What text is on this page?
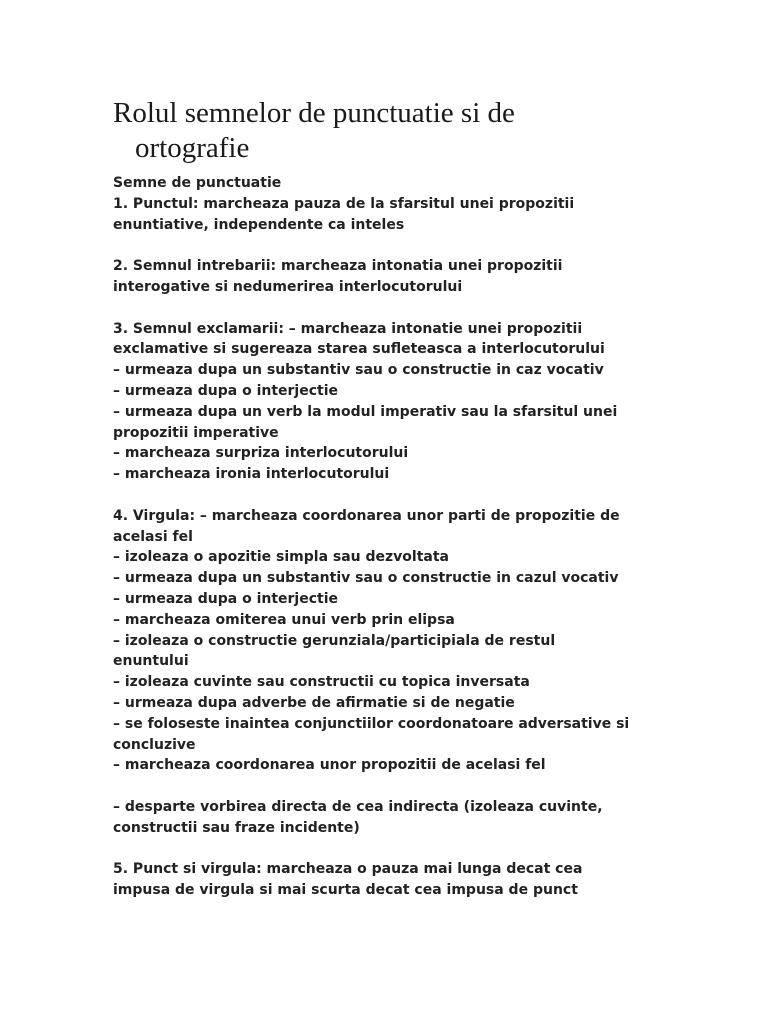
Rolul semnelor de punctuatie si de
ortografie
Semne de punctuatie
1. Punctul: marcheaza pauza de la sfarsitul unei propozitii
enuntiative, independente ca inteles
2. Semnul intrebarii: marcheaza intonatia unei propozitii
interogative si nedumerirea interlocutorului
3. Semnul exclamarii: – marcheaza intonatie unei propozitii
exclamative si sugereaza starea sufleteasca a interlocutorului
– urmeaza dupa un substantiv sau o constructie in caz vocativ
– urmeaza dupa o interjectie
– urmeaza dupa un verb la modul imperativ sau la sfarsitul unei
propozitii imperative
– marcheaza surpriza interlocutorului
– marcheaza ironia interlocutorului
4. Virgula: – marcheaza coordonarea unor parti de propozitie de
acelasi fel
– izoleaza o apozitie simpla sau dezvoltata
– urmeaza dupa un substantiv sau o constructie in cazul vocativ
– urmeaza dupa o interjectie
– marcheaza omiterea unui verb prin elipsa
– izoleaza o constructie gerunziala/participiala de restul
enuntului
– izoleaza cuvinte sau constructii cu topica inversata
– urmeaza dupa adverbe de afirmatie si de negatie
– se foloseste inaintea conjunctiilor coordonatoare adversative si
concluzive
– marcheaza coordonarea unor propozitii de acelasi fel
– desparte vorbirea directa de cea indirecta (izoleaza cuvinte,
constructii sau fraze incidente)
5. Punct si virgula: marcheaza o pauza mai lunga decat cea
impusa de virgula si mai scurta decat cea impusa de punct
